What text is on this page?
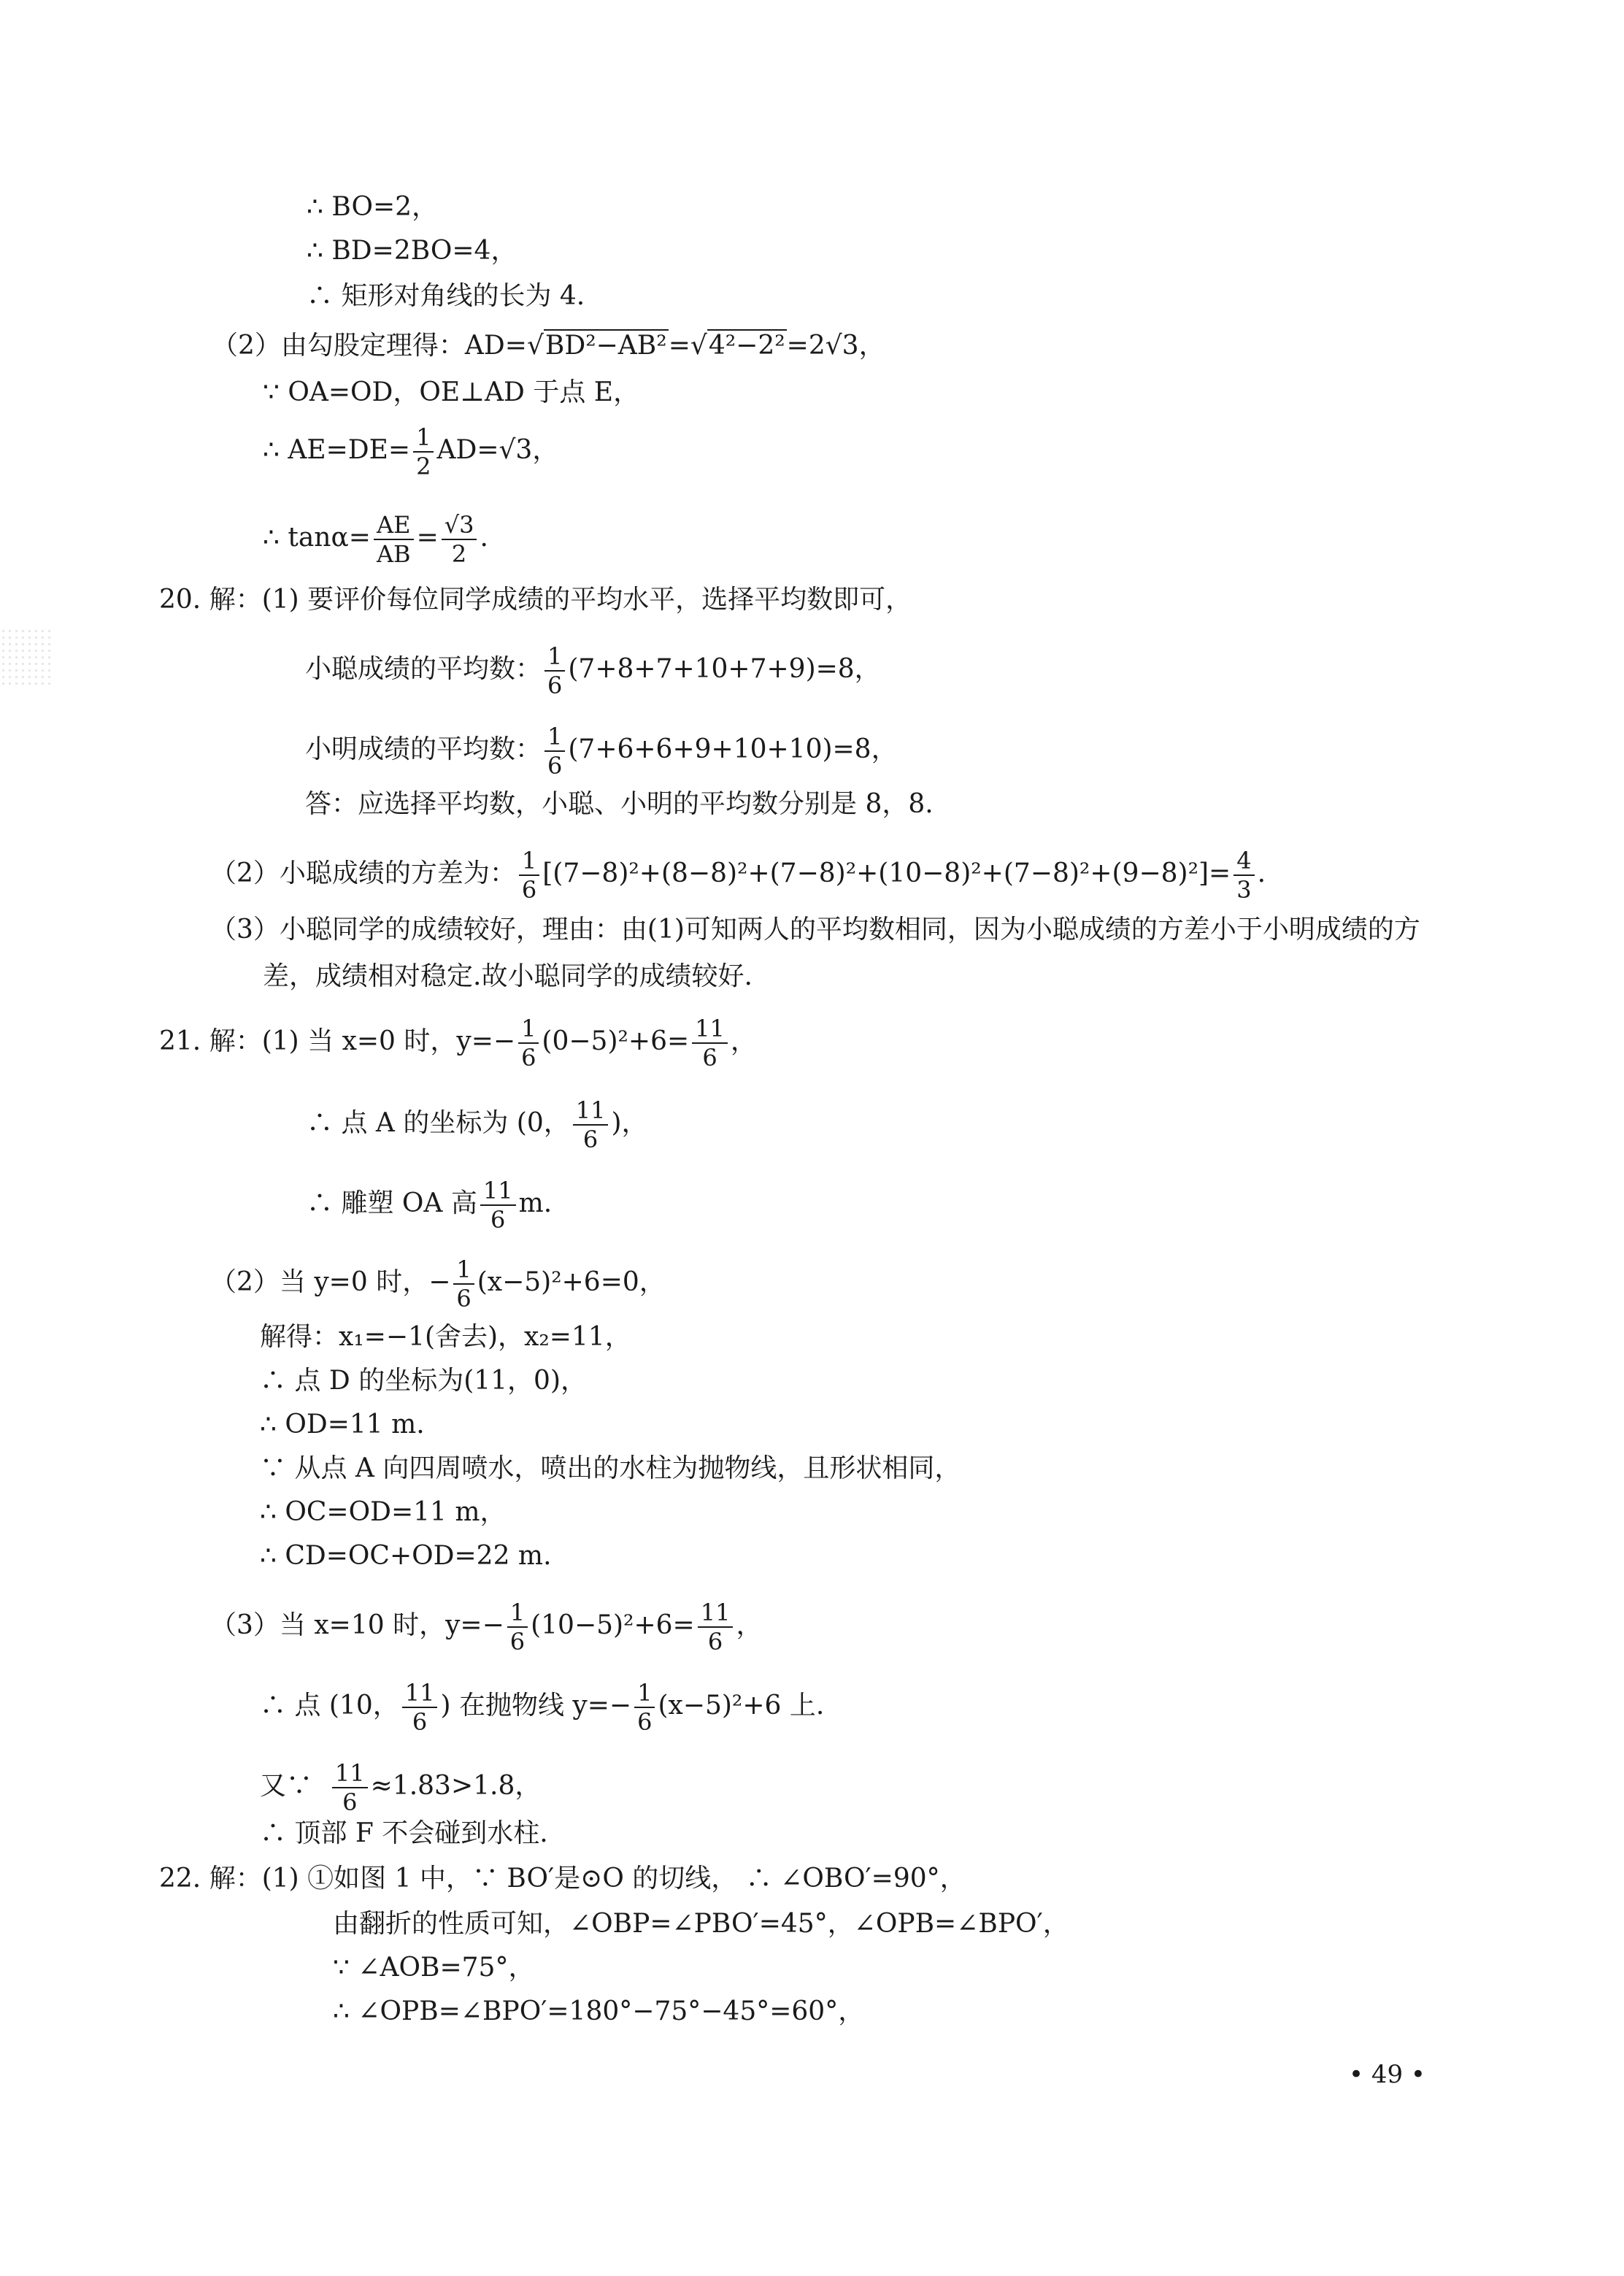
∴ BO=2，
∴ BD=2BO=4，
∴ 矩形对角线的长为 4.
（2）由勾股定理得：AD=√BD²−AB²=√4²−2²=2√3，
∵ OA=OD，OE⊥AD 于点 E，
∴ $AE=DE= \frac{1}{2} AD=√3$，
∴ $\tan\alpha= \frac{AE}{AB} = \frac{√3}{2}$ .
20. 解：(1) 要评价每位同学成绩的平均水平，选择平均数即可，
小聪成绩的平均数： $\frac{1}{6} (7+8+7+10+7+9)=8$，
小明成绩的平均数： $\frac{1}{6} (7+6+6+9+10+10)=8$，
答：应选择平均数，小聪、小明的平均数分别是 8，8.
（2）小聪成绩的方差为： $\frac{1}{6} [(7-8)^2+(8-8)^2+(7-8)^2+(10-8)^2+(7-8)^2+(9-8)^2]= \frac{4}{3}$ .
（3）小聪同学的成绩较好，理由：由(1)可知两人的平均数相同，因为小聪成绩的方差小于小明成绩的方
差，成绩相对稳定.故小聪同学的成绩较好.
21. 解：(1) 当 x=0 时，$y=- \frac{1}{6} (0-5)^2+6= \frac{11}{6}$ ，
∴ 点 A 的坐标为 (0， $\frac{11}{6}$ )，
∴ 雕塑 OA 高 $\frac{11}{6} m$.
（2）当 y=0 时，− $\frac{1}{6} (x-5)^2+6=0$，
解得：x₁=−1(舍去)，x₂=11，
∴ 点 D 的坐标为(11，0)，
∴ OD=11 m.
∵ 从点 A 向四周喷水，喷出的水柱为抛物线，且形状相同，
∴ OC=OD=11 m，
∴ CD=OC+OD=22 m.
（3）当 x=10 时，$y=- \frac{1}{6} (10-5)^2+6= \frac{11}{6}$ ，
∴ 点 (10， $\frac{11}{6}$ ) 在抛物线 $y=- \frac{1}{6} (x-5)^2+6$ 上.
又∵ $\frac{11}{6} \approx 1.83>1.8$，
∴ 顶部 F 不会碰到水柱.
22. 解：(1) ①如图 1 中，∵ BO′是⊙O 的切线， ∴ ∠OBO′=90°，
由翻折的性质可知，∠OBP=∠PBO′=45°，∠OPB=∠BPO′，
∵ ∠AOB=75°，
∴ ∠OPB=∠BPO′=180°−75°−45°=60°，
• 49 •
